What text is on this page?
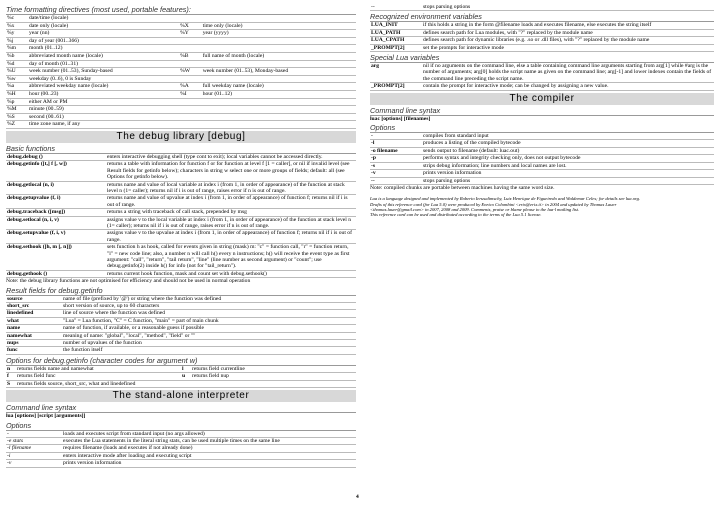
Time formatting directives (most used, portable features):
%c	date/time (locale)		
%x	date only (locale)	%X	time only (locale)
%y	year (nn)	%Y	year (yyyy)
%j	day of year (001..366)		
%m	month (01..12)		
%b	abbreviated month name (locale)	%B	full name of month (locale)
%d	day of month (01..31)		
%U	week number (01..53), Sunday-based	%W	week number (01..53), Monday-based
%w	weekday (0..6), 0 is Sunday		
%a	abbreviated weekday name (locale)	%A	full weekday name (locale)
%H	hour (00..23)	%I	hour (01..12)
%p	either AM or PM		
%M	minute (00..59)		
%S	second (00..61)		
%Z	time zone name, if any		
The debug library [debug]
Basic functions
debug.debug ()	enters interactive debugging shell (type cont to exit); local variables cannot be accessed directly.
debug.getinfo ([t,] f [, w])	returns a table with information for function f or for function at level f [1 = caller], or nil if invalid level (see Result fields for getinfo below); characters in string w select one or more groups of fields; default: all (see Options for getinfo below).
debug.getlocal (n, i)	returns name and value of local variable at index i (from 1, in order of appearance) of the function at stack level n (1= caller); returns nil if i is out of range, raises error if n is out of range.
debug.getupvalue (f, i)	returns name and value of upvalue at index i (from 1, in order of appearance) of function f; returns nil if i is out of range.
debug.traceback ([msg])	returns a string with traceback of call stack, prepended by msg
debug.setlocal (n, i, v)	assigns value v to the local variable at index i (from 1, in order of appearance) of the function at stack level n (1= caller); returns nil if i is out of range, raises error if n is out of range.
debug.setupvalue (f, i, v)	assigns value v to the upvalue at index i (from 1, in order of appearance) of function f; returns nil if i is out of range.
debug.sethook ([h, m [, n]])	sets function h as hook, called for events given in string (mask) m: "c" = function call, "r" = function return, "l" = new code line; also, a number n will call h() every n instructions; h() will receive the event type as first argument: "call", "return", "tail return", "line" (line number as second argument) or "count"; use debug.getinfo(2) inside h() for info (not for "tail_return").
debug.gethook ()	returns current hook function, mask and count set with debug.sethook()
Note: the debug library functions are not optimised for efficiency and should not be used in normal operation
Result fields for debug.getinfo
source	name of file (prefixed by '@') or string where the function was defined
short_src	short version of source, up to 60 characters
linedefined	line of source where the function was defined
what	"Lua" = Lua function, "C" = C function, "main" = part of main chunk
name	name of function, if available, or a reasonable guess if possible
namewhat	meaning of name: "global", "local", "method", "field" or ""
nups	number of upvalues of the function
func	the function itself
Options for debug.getinfo (character codes for argument w)
n	returns fields name and namewhat	l	returns field currentline
f	returns field func	u	returns field nup
S	returns fields source, short_src, what and linedefined		
The stand-alone interpreter
Command line syntax
lua [options] [script [arguments]]
Options
-	loads and executes script from standard input (no args allowed)
-e stats	executes the Lua statements in the literal string stats, can be used multiple times on the same line
-l filename	requires filename (loads and executes if not already done)
-i	enters interactive mode after loading and executing script
-v	prints version information
--	stops parsing options
Recognized environment variables
LUA_INIT	if this holds a string in the form @filename loads and executes filename, else executes the string itself
LUA_PATH	defines search path for Lua modules, with "?" replaced by the module name
LUA_CPATH	defines search path for dynamic libraries (e.g. .so or .dll files), with "?" replaced by the module name
_PROMPT[2]	set the prompts for interactive mode
Special Lua variables
arg	nil if no arguments on the command line, else a table containing command line arguments starting from arg[1] while #arg is the number of arguments; arg[0] holds the script name as given on the command line; arg[-1] and lower indexes contain the fields of the command line preceding the script name.
_PROMPT[2]	contain the prompt for interactive mode; can be changed by assigning a new value.
The compiler
Command line syntax
luac [options] [filenames]
Options
-	compiles from standard input
-l	produces a listing of the compiled bytecode
-o filename	sends output to filename (default: luac.out)
-p	performs syntax and integrity checking only, does not output bytecode
-s	strips debug information; line numbers and local names are lost.
-v	prints version information
--	stops parsing options
Note: compiled chunks are portable between machines having the same word size.
Lua is a language designed and implemented by Roberto Ierusalimschy, Luiz Henrique de Figueiredo and Waldemar Celes; for details see lua.org.
Drafts of this reference card (for Lua 5.0) were produced by Enrico Colombini <erix@erix.it> in 2004 and updated by Thomas Lauer
<thomas.lauer@gmail.com> in 2007, 2008 and 2009. Comments, praise or blame please to the lua-l mailing list.
This reference card can be used and distributed according to the terms of the Lua 5.1 license.
4
